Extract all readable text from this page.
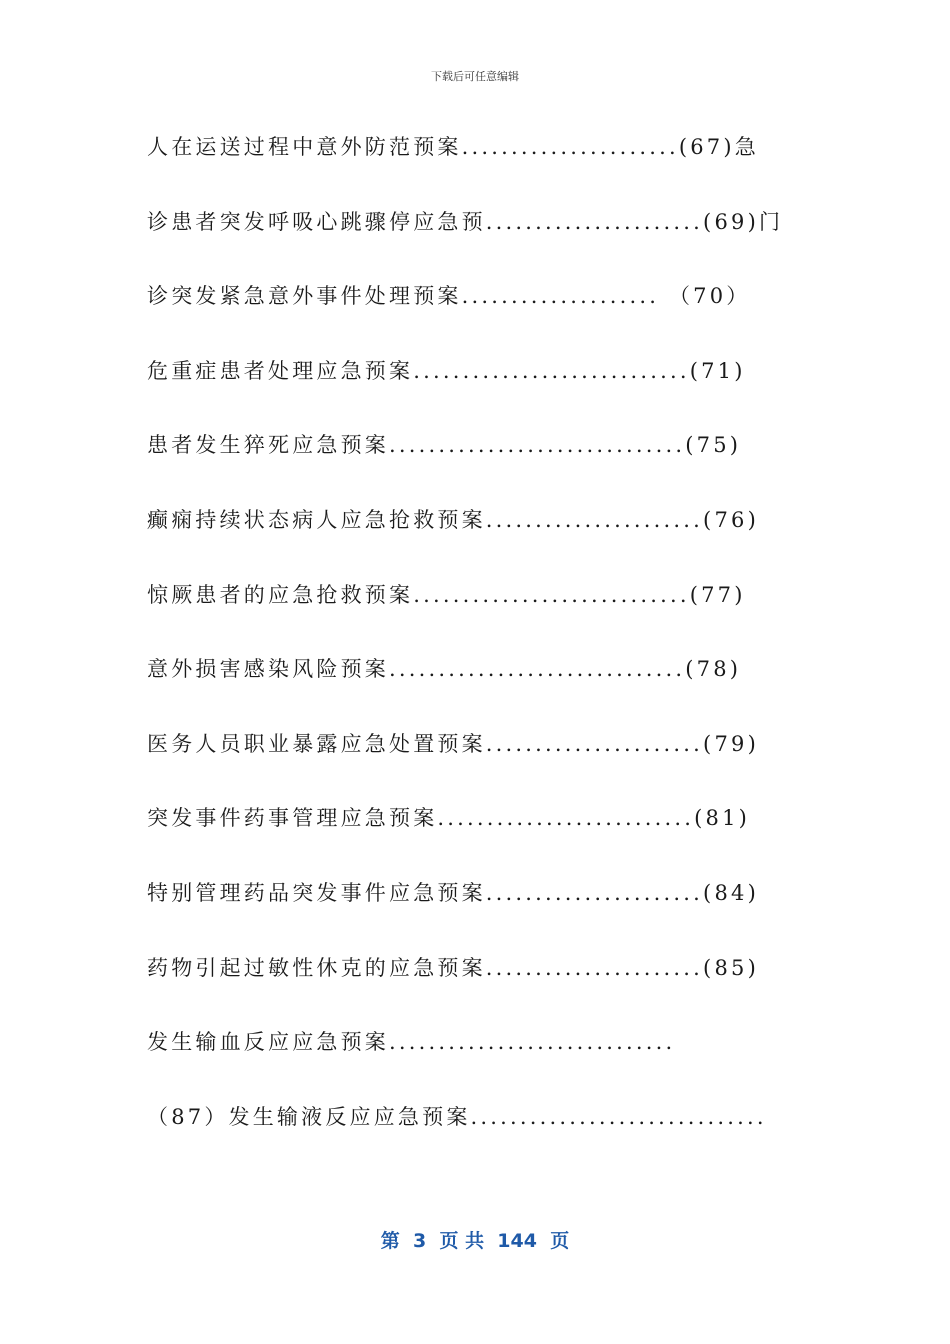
下载后可任意编辑
人在运送过程中意外防范预案......................(67)急
诊患者突发呼吸心跳骤停应急预......................(69)门
诊突发紧急意外事件处理预案.................... （70）
危重症患者处理应急预案............................(71)
患者发生猝死应急预案..............................(75)
癫痫持续状态病人应急抢救预案......................(76)
惊厥患者的应急抢救预案............................(77)
意外损害感染风险预案..............................(78)
医务人员职业暴露应急处置预案......................(79)
突发事件药事管理应急预案..........................(81)
特别管理药品突发事件应急预案......................(84)
药物引起过敏性休克的应急预案......................(85)
发生输血反应应急预案.............................
（87）发生输液反应应急预案..............................
第  3  页 共  144  页
